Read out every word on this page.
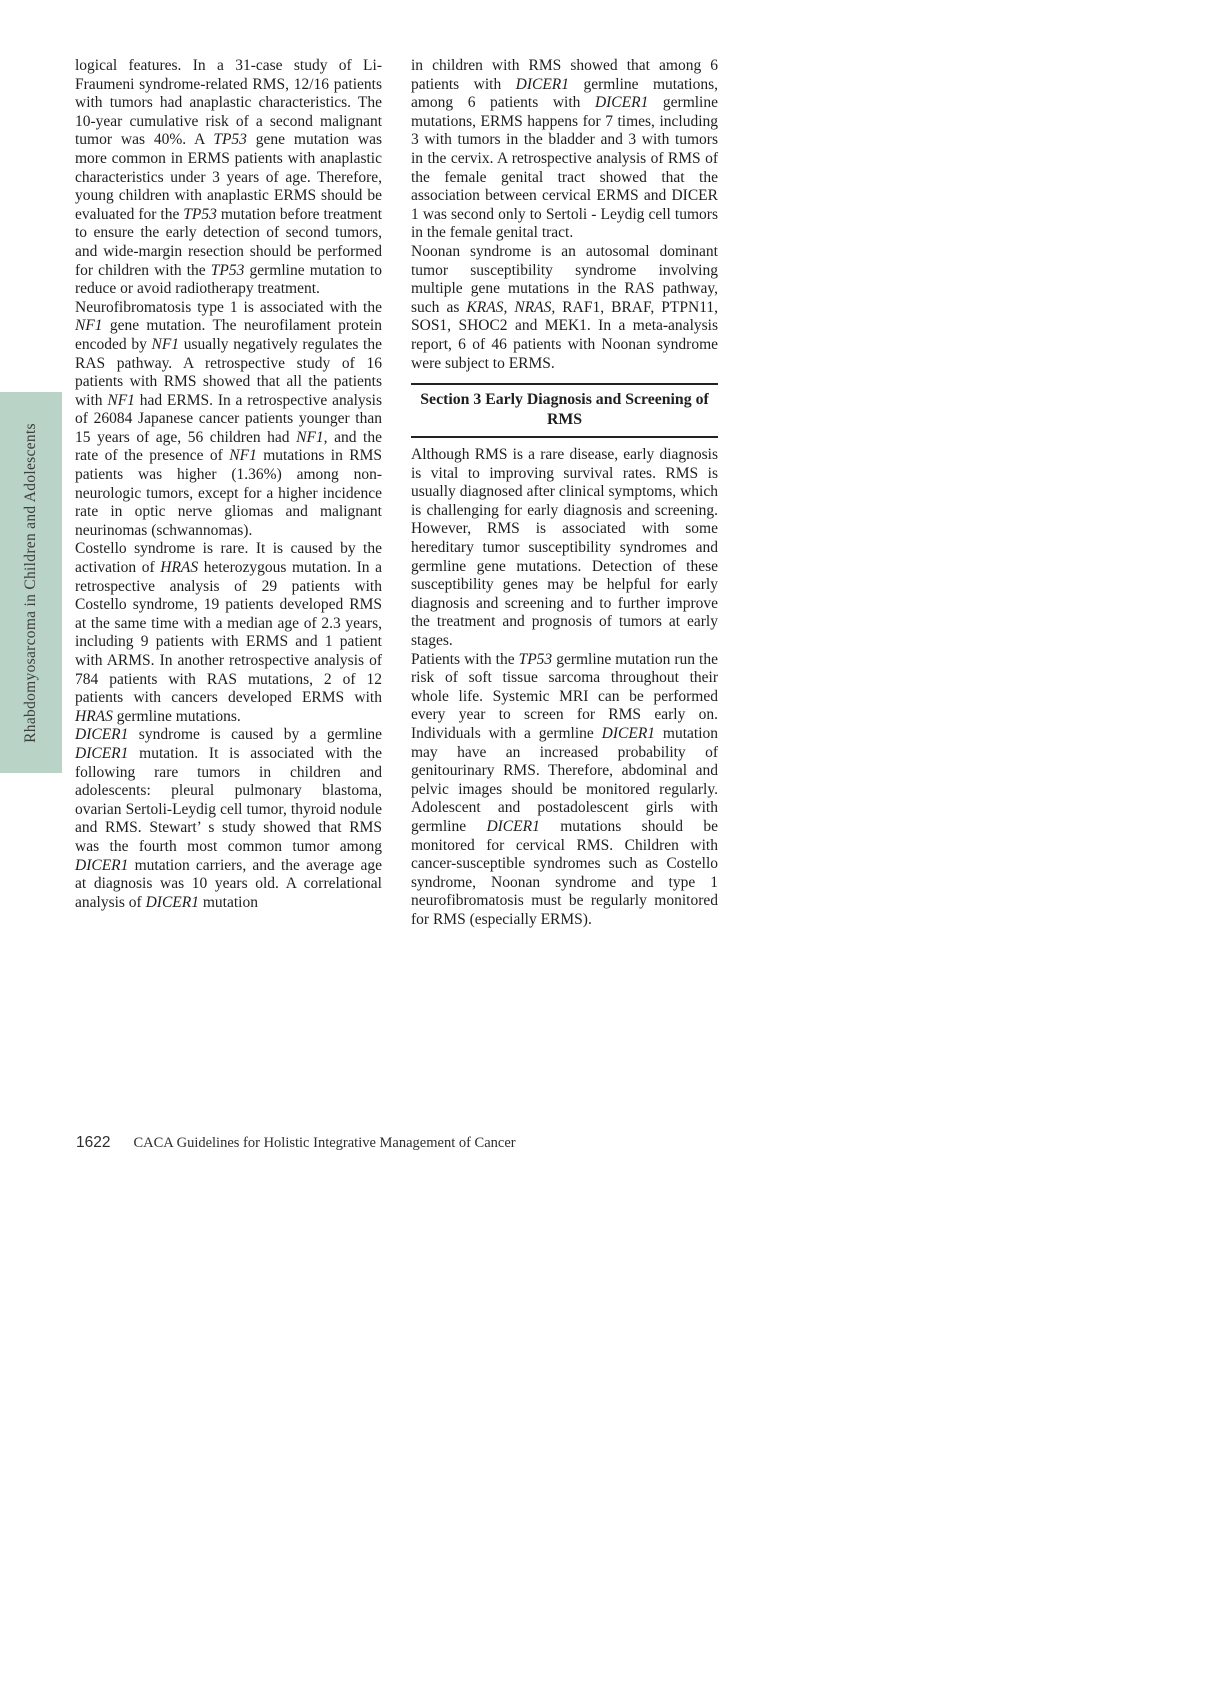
Rhabdomyosarcoma in Children and Adolescents

logical features. In a 31-case study of Li-Fraumeni syndrome-related RMS, 12/16 patients with tumors had anaplastic characteristics. The 10-year cumulative risk of a second malignant tumor was 40%. A TP53 gene mutation was more common in ERMS patients with anaplastic characteristics under 3 years of age. Therefore, young children with anaplastic ERMS should be evaluated for the TP53 mutation before treatment to ensure the early detection of second tumors, and wide-margin resection should be performed for children with the TP53 germline mutation to reduce or avoid radiotherapy treatment.

Neurofibromatosis type 1 is associated with the NF1 gene mutation. The neurofilament protein encoded by NF1 usually negatively regulates the RAS pathway. A retrospective study of 16 patients with RMS showed that all the patients with NF1 had ERMS. In a retrospective analysis of 26084 Japanese cancer patients younger than 15 years of age, 56 children had NF1, and the rate of the presence of NF1 mutations in RMS patients was higher (1.36%) among non-neurologic tumors, except for a higher incidence rate in optic nerve gliomas and malignant neurinomas (schwannomas).

Costello syndrome is rare. It is caused by the activation of HRAS heterozygous mutation. In a retrospective analysis of 29 patients with Costello syndrome, 19 patients developed RMS at the same time with a median age of 2.3 years, including 9 patients with ERMS and 1 patient with ARMS. In another retrospective analysis of 784 patients with RAS mutations, 2 of 12 patients with cancers developed ERMS with HRAS germline mutations.

DICER1 syndrome is caused by a germline DICER1 mutation. It is associated with the following rare tumors in children and adolescents: pleural pulmonary blastoma, ovarian Sertoli-Leydig cell tumor, thyroid nodule and RMS. Stewart’ s study showed that RMS was the fourth most common tumor among DICER1 mutation carriers, and the average age at diagnosis was 10 years old. A correlational analysis of DICER1 mutation

in children with RMS showed that among 6 patients with DICER1 germline mutations, among 6 patients with DICER1 germline mutations, ERMS happens for 7 times, including 3 with tumors in the bladder and 3 with tumors in the cervix. A retrospective analysis of RMS of the female genital tract showed that the association between cervical ERMS and DICER 1 was second only to Sertoli - Leydig cell tumors in the female genital tract.

Noonan syndrome is an autosomal dominant tumor susceptibility syndrome involving multiple gene mutations in the RAS pathway, such as KRAS, NRAS, RAF1, BRAF, PTPN11, SOS1, SHOC2 and MEK1. In a meta-analysis report, 6 of 46 patients with Noonan syndrome were subject to ERMS.

Section 3 Early Diagnosis and Screening of RMS

Although RMS is a rare disease, early diagnosis is vital to improving survival rates. RMS is usually diagnosed after clinical symptoms, which is challenging for early diagnosis and screening. However, RMS is associated with some hereditary tumor susceptibility syndromes and germline gene mutations. Detection of these susceptibility genes may be helpful for early diagnosis and screening and to further improve the treatment and prognosis of tumors at early stages.

Patients with the TP53 germline mutation run the risk of soft tissue sarcoma throughout their whole life. Systemic MRI can be performed every year to screen for RMS early on. Individuals with a germline DICER1 mutation may have an increased probability of genitourinary RMS. Therefore, abdominal and pelvic images should be monitored regularly. Adolescent and postadolescent girls with germline DICER1 mutations should be monitored for cervical RMS. Children with cancer-susceptible syndromes such as Costello syndrome, Noonan syndrome and type 1 neurofibromatosis must be regularly monitored for RMS (especially ERMS).

1622 CACA Guidelines for Holistic Integrative Management of Cancer
